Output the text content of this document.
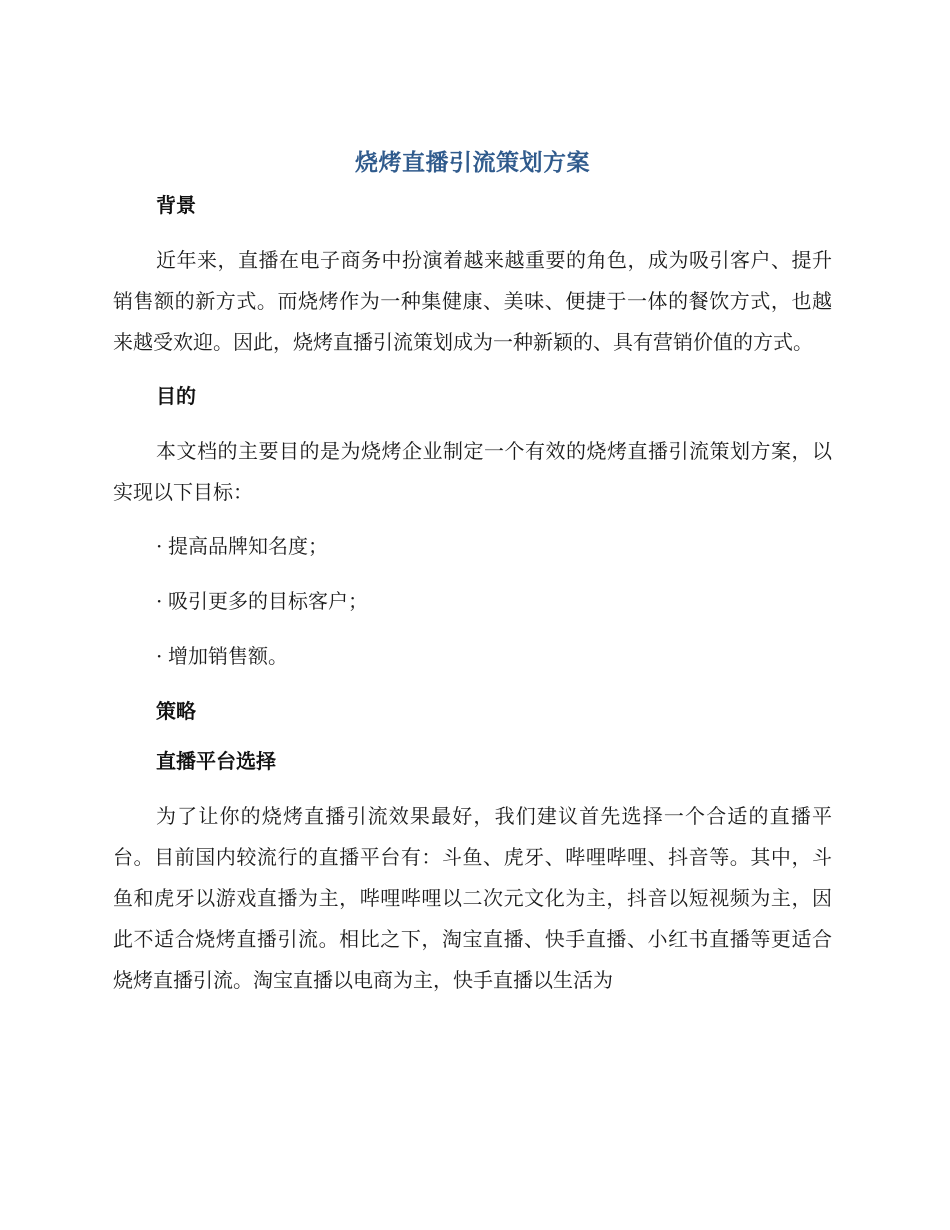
烧烤直播引流策划方案
背景

近年来，直播在电子商务中扮演着越来越重要的角色，成为吸引客户、提升销售额的新方式。而烧烤作为一种集健康、美味、便捷于一体的餐饮方式，也越来越受欢迎。因此，烧烤直播引流策划成为一种新颖的、具有营销价值的方式。

目的

本文档的主要目的是为烧烤企业制定一个有效的烧烤直播引流策划方案，以实现以下目标：

· 提高品牌知名度；
· 吸引更多的目标客户；
· 增加销售额。
策略
直播平台选择

为了让你的烧烤直播引流效果最好，我们建议首先选择一个合适的直播平台。目前国内较流行的直播平台有：斗鱼、虎牙、哔哩哔哩、抖音等。其中，斗鱼和虎牙以游戏直播为主，哔哩哔哩以二次元文化为主，抖音以短视频为主，因此不适合烧烤直播引流。相比之下，淘宝直播、快手直播、小红书直播等更适合烧烤直播引流。淘宝直播以电商为主，快手直播以生活为
